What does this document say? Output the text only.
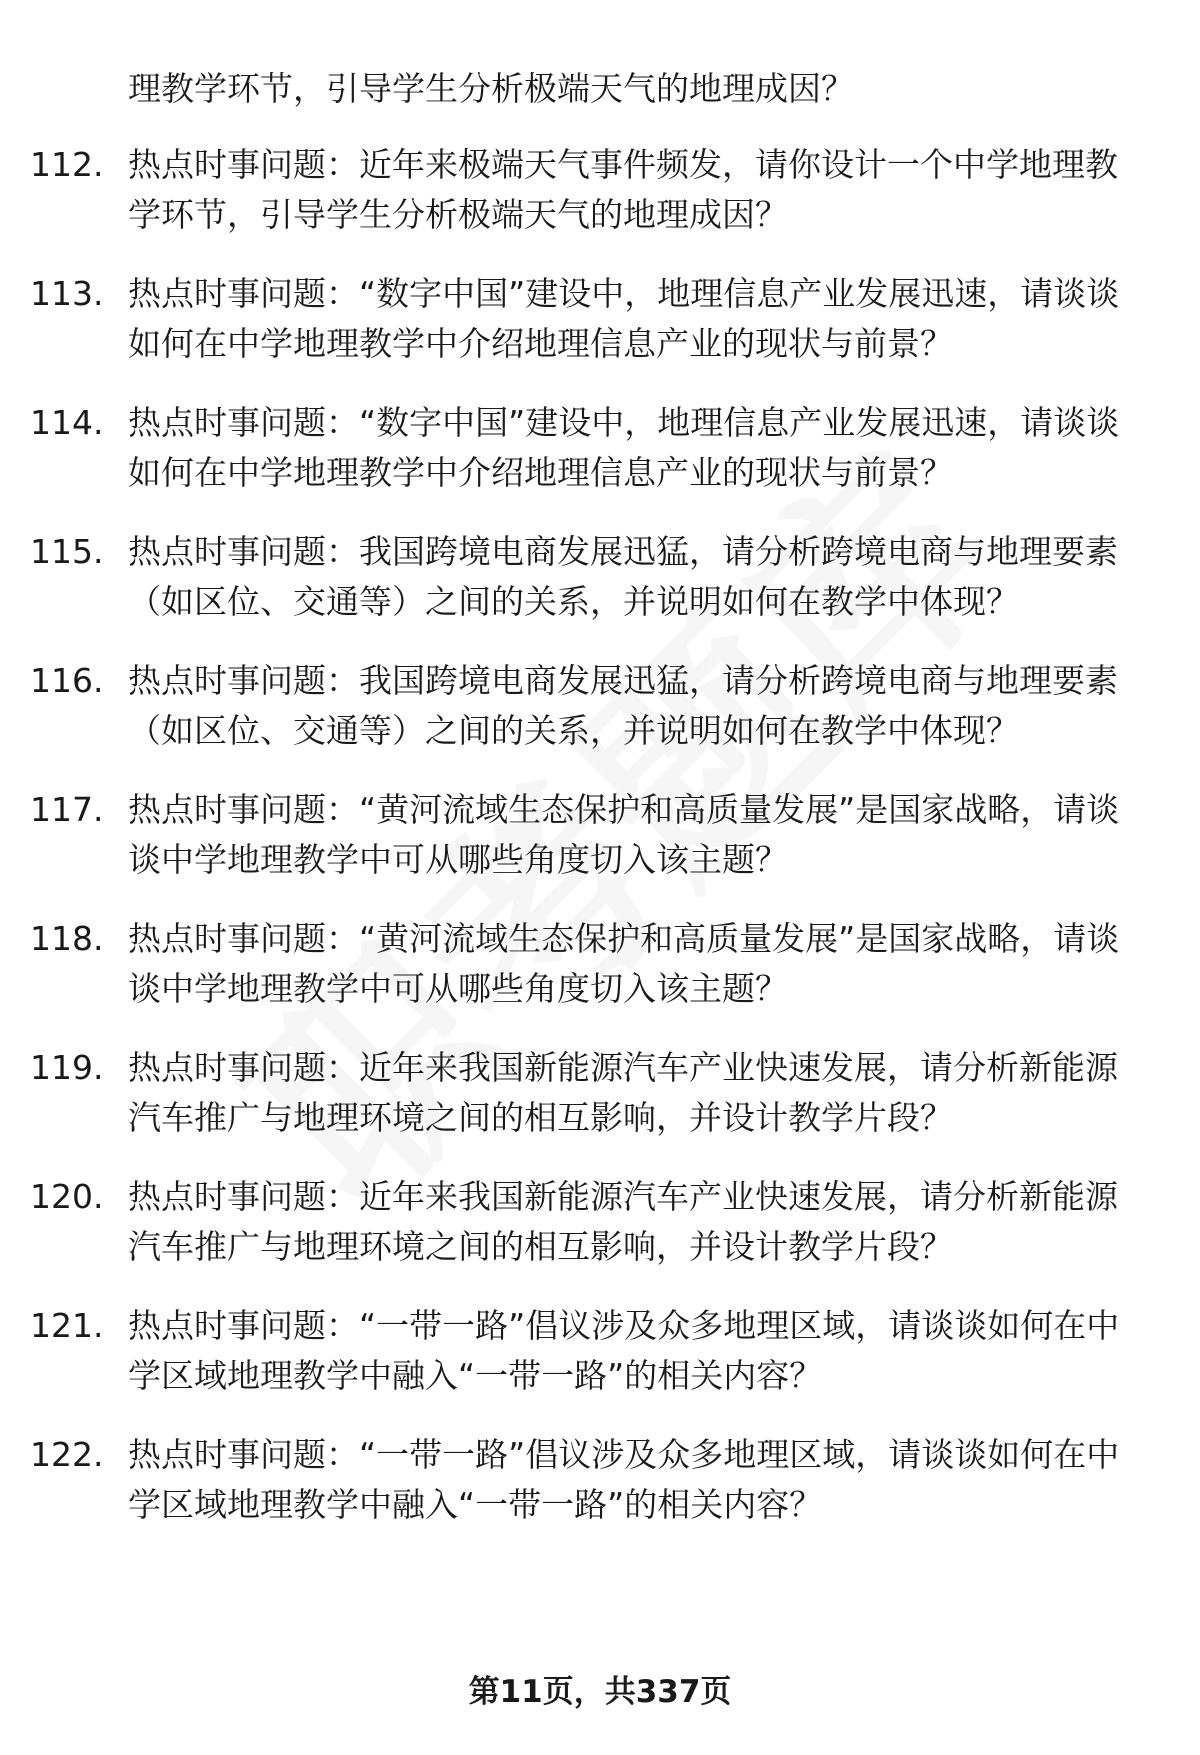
理教学环节，引导学生分析极端天气的地理成因？
112. 热点时事问题：近年来极端天气事件频发，请你设计一个中学地理教学环节，引导学生分析极端天气的地理成因？
113. 热点时事问题：“数字中国”建设中，地理信息产业发展迅速，请谈谈如何在中学地理教学中介绍地理信息产业的现状与前景？
114. 热点时事问题：“数字中国”建设中，地理信息产业发展迅速，请谈谈如何在中学地理教学中介绍地理信息产业的现状与前景？
115. 热点时事问题：我国跨境电商发展迅猛，请分析跨境电商与地理要素（如区位、交通等）之间的关系，并说明如何在教学中体现？
116. 热点时事问题：我国跨境电商发展迅猛，请分析跨境电商与地理要素（如区位、交通等）之间的关系，并说明如何在教学中体现？
117. 热点时事问题：“黄河流域生态保护和高质量发展”是国家战略，请谈谈中学地理教学中可从哪些角度切入该主题？
118. 热点时事问题：“黄河流域生态保护和高质量发展”是国家战略，请谈谈中学地理教学中可从哪些角度切入该主题？
119. 热点时事问题：近年来我国新能源汽车产业快速发展，请分析新能源汽车推广与地理环境之间的相互影响，并设计教学片段？
120. 热点时事问题：近年来我国新能源汽车产业快速发展，请分析新能源汽车推广与地理环境之间的相互影响，并设计教学片段？
121. 热点时事问题：“一带一路”倡议涉及众多地理区域，请谈谈如何在中学区域地理教学中融入“一带一路”的相关内容？
122. 热点时事问题：“一带一路”倡议涉及众多地理区域，请谈谈如何在中学区域地理教学中融入“一带一路”的相关内容？
第11页，共337页
